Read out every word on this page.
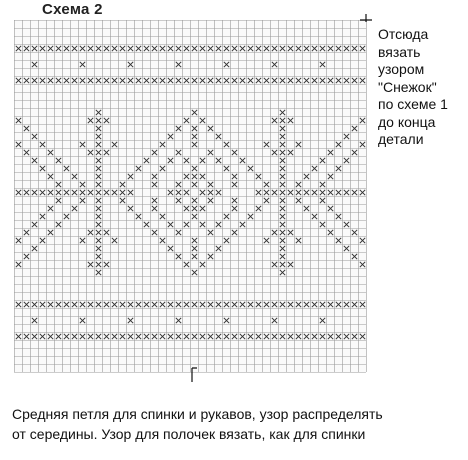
Схема 2
Отсюда
вязать
узором
"Снежок"
по схеме 1
до конца
детали
Средняя петля для спинки и рукавов, узор распределять
от середины. Узор для полочек вязать, как для спинки
